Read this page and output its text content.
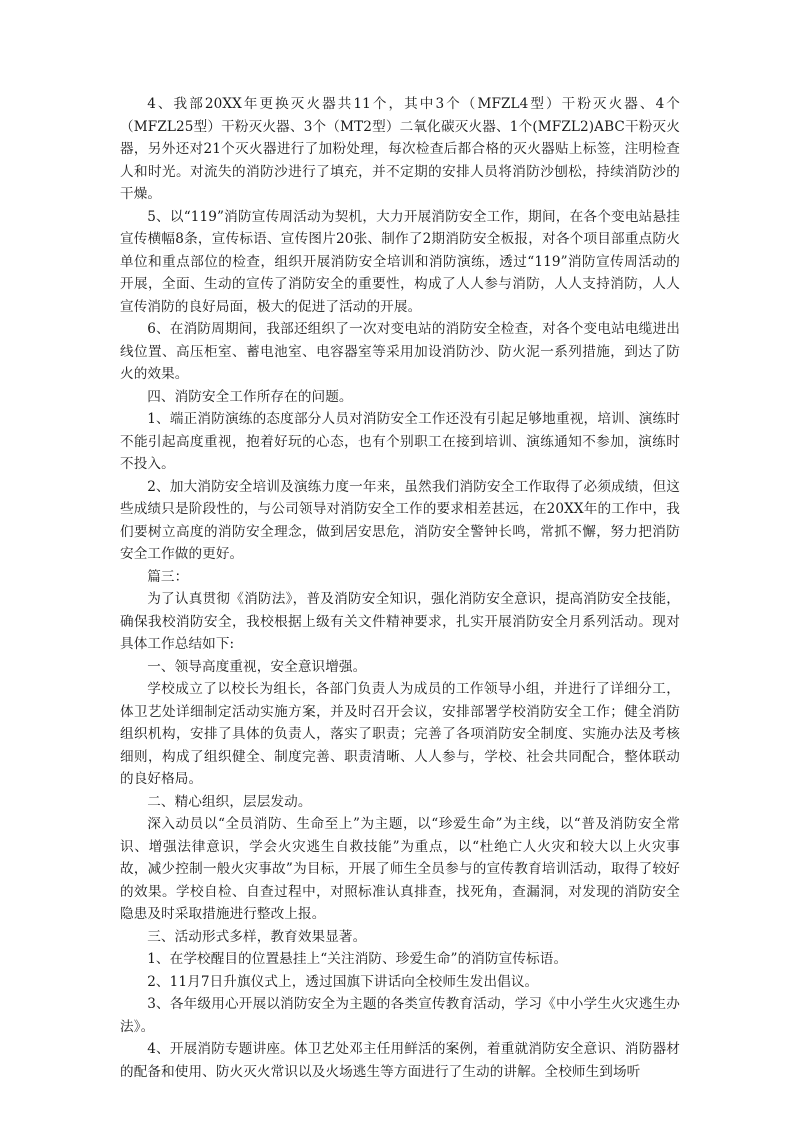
4、我部20XX年更换灭火器共11个，其中3个（MFZL4型）干粉灭火器、4个（MFZL25型）干粉灭火器、3个（MT2型）二氧化碳灭火器、1个(MFZL2)ABC干粉灭火器，另外还对21个灭火器进行了加粉处理，每次检查后都合格的灭火器贴上标签，注明检查人和时光。对流失的消防沙进行了填充，并不定期的安排人员将消防沙刨松，持续消防沙的干燥。

5、以“119”消防宣传周活动为契机，大力开展消防安全工作，期间，在各个变电站悬挂宣传横幅8条，宣传标语、宣传图片20张、制作了2期消防安全板报，对各个项目部重点防火单位和重点部位的检查，组织开展消防安全培训和消防演练，透过“119”消防宣传周活动的开展，全面、生动的宣传了消防安全的重要性，构成了人人参与消防，人人支持消防，人人宣传消防的良好局面，极大的促进了活动的开展。

6、在消防周期间，我部还组织了一次对变电站的消防安全检查，对各个变电站电缆进出线位置、高压柜室、蓄电池室、电容器室等采用加设消防沙、防火泥一系列措施，到达了防火的效果。

四、消防安全工作所存在的问题。

1、端正消防演练的态度部分人员对消防安全工作还没有引起足够地重视，培训、演练时不能引起高度重视，抱着好玩的心态，也有个别职工在接到培训、演练通知不参加，演练时不投入。

2、加大消防安全培训及演练力度一年来，虽然我们消防安全工作取得了必须成绩，但这些成绩只是阶段性的，与公司领导对消防安全工作的要求相差甚远，在20XX年的工作中，我们要树立高度的消防安全理念，做到居安思危，消防安全警钟长鸣，常抓不懈，努力把消防安全工作做的更好。

篇三：

为了认真贯彻《消防法》，普及消防安全知识，强化消防安全意识，提高消防安全技能，确保我校消防安全，我校根据上级有关文件精神要求，扎实开展消防安全月系列活动。现对具体工作总结如下:

一、领导高度重视，安全意识增强。

学校成立了以校长为组长，各部门负责人为成员的工作领导小组，并进行了详细分工，体卫艺处详细制定活动实施方案，并及时召开会议，安排部署学校消防安全工作；健全消防组织机构，安排了具体的负责人，落实了职责；完善了各项消防安全制度、实施办法及考核细则，构成了组织健全、制度完善、职责清晰、人人参与，学校、社会共同配合，整体联动的良好格局。

二、精心组织，层层发动。

深入动员以“全员消防、生命至上”为主题，以“珍爱生命”为主线，以“普及消防安全常识、增强法律意识，学会火灾逃生自救技能”为重点，以“杜绝亡人火灾和较大以上火灾事故，减少控制一般火灾事故”为目标，开展了师生全员参与的宣传教育培训活动，取得了较好的效果。学校自检、自查过程中，对照标准认真排查，找死角，查漏洞，对发现的消防安全隐患及时采取措施进行整改上报。

三、活动形式多样，教育效果显著。

1、在学校醒目的位置悬挂上“关注消防、珍爱生命”的消防宣传标语。

2、11月7日升旗仪式上，透过国旗下讲话向全校师生发出倡议。

3、各年级用心开展以消防安全为主题的各类宣传教育活动，学习《中小学生火灾逃生办法》。

4、开展消防专题讲座。体卫艺处邓主任用鲜活的案例，着重就消防安全意识、消防器材的配备和使用、防火灭火常识以及火场逃生等方面进行了生动的讲解。全校师生到场听
